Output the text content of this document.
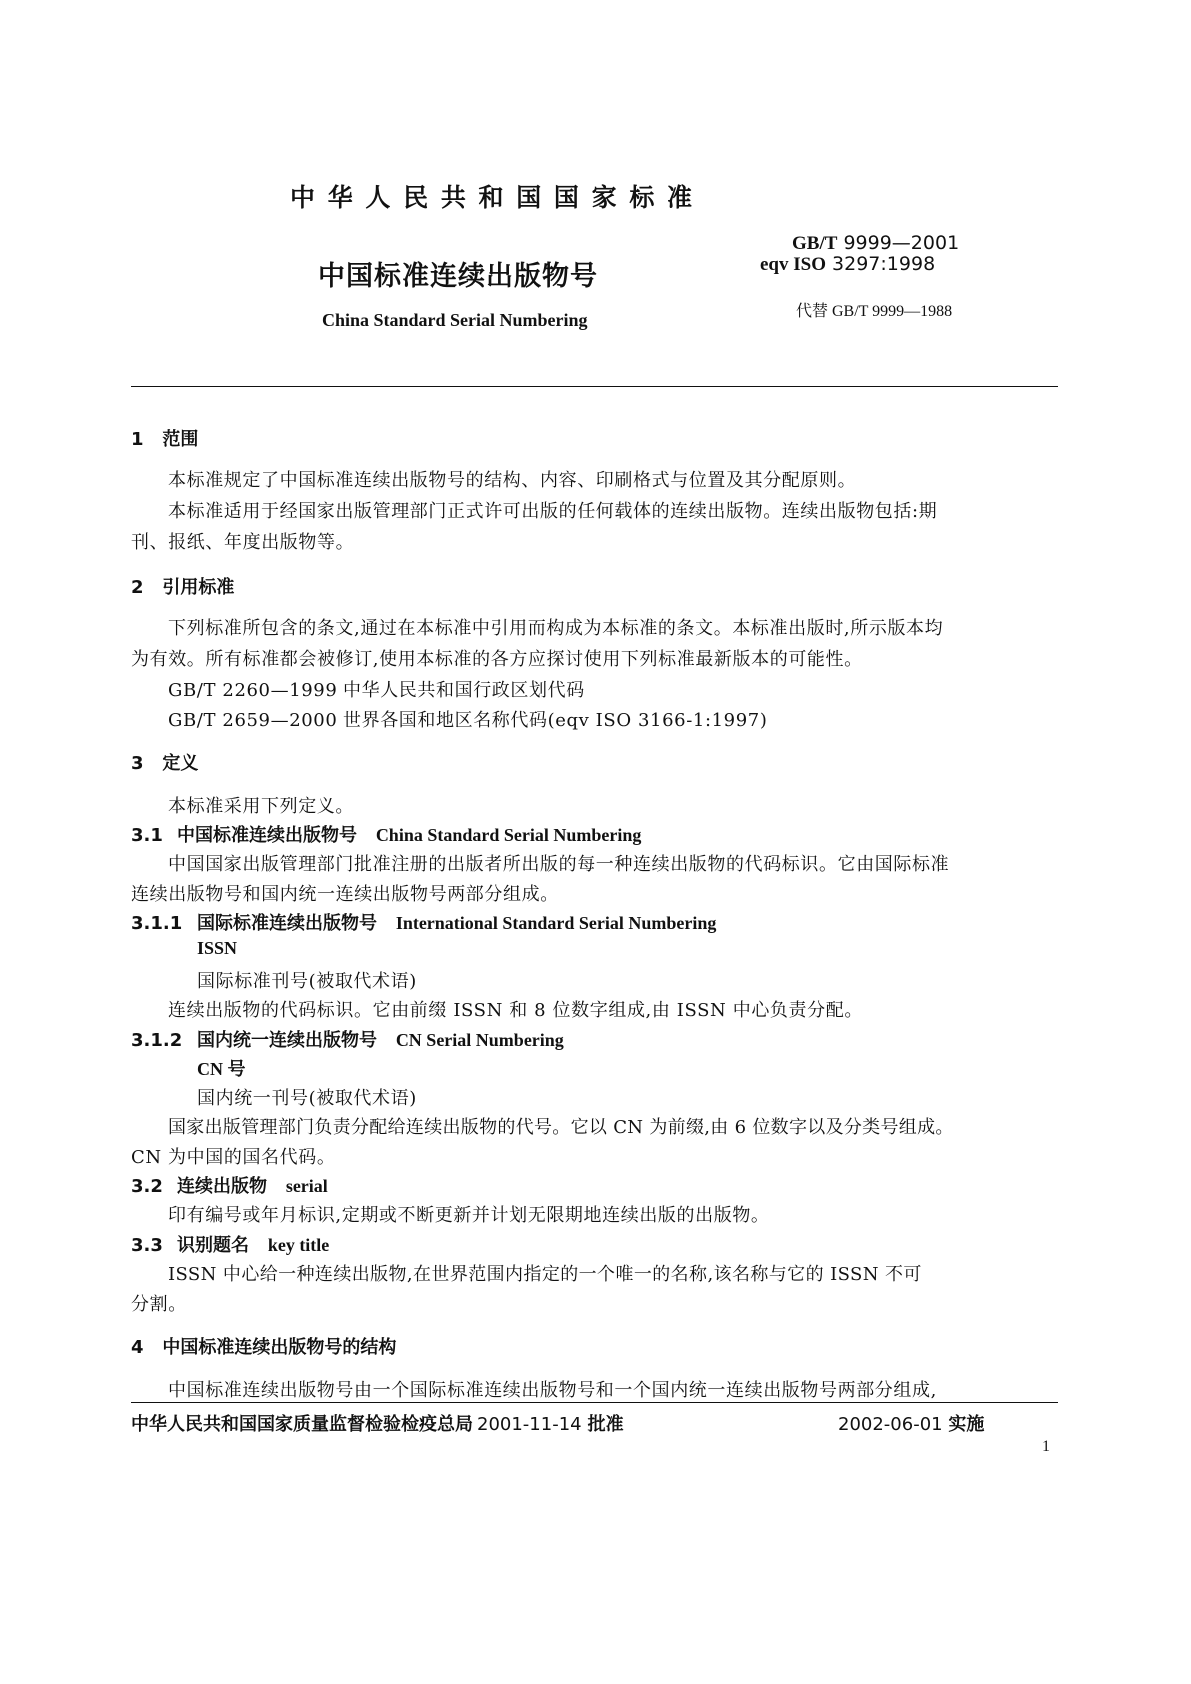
中 华 人 民 共 和 国 国 家 标 准
中国标准连续出版物号
China Standard Serial Numbering
GB/T 9999—2001
eqv ISO 3297:1998
代替 GB/T 9999—1988
1 范围
本标准规定了中国标准连续出版物号的结构、内容、印刷格式与位置及其分配原则。
本标准适用于经国家出版管理部门正式许可出版的任何载体的连续出版物。连续出版物包括:期
刊、报纸、年度出版物等。
2 引用标准
下列标准所包含的条文,通过在本标准中引用而构成为本标准的条文。本标准出版时,所示版本均
为有效。所有标准都会被修订,使用本标准的各方应探讨使用下列标准最新版本的可能性。
GB/T 2260—1999 中华人民共和国行政区划代码
GB/T 2659—2000 世界各国和地区名称代码(eqv ISO 3166-1:1997)
3 定义
本标准采用下列定义。
3.1 中国标准连续出版物号 China Standard Serial Numbering
中国国家出版管理部门批准注册的出版者所出版的每一种连续出版物的代码标识。它由国际标准
连续出版物号和国内统一连续出版物号两部分组成。
3.1.1 国际标准连续出版物号 International Standard Serial Numbering
ISSN
国际标准刊号(被取代术语)
连续出版物的代码标识。它由前缀 ISSN 和 8 位数字组成,由 ISSN 中心负责分配。
3.1.2 国内统一连续出版物号 CN Serial Numbering
CN 号
国内统一刊号(被取代术语)
国家出版管理部门负责分配给连续出版物的代号。它以 CN 为前缀,由 6 位数字以及分类号组成。
CN 为中国的国名代码。
3.2 连续出版物 serial
印有编号或年月标识,定期或不断更新并计划无限期地连续出版的出版物。
3.3 识别题名 key title
ISSN 中心给一种连续出版物,在世界范围内指定的一个唯一的名称,该名称与它的 ISSN 不可
分割。
4 中国标准连续出版物号的结构
中国标准连续出版物号由一个国际标准连续出版物号和一个国内统一连续出版物号两部分组成,
中华人民共和国国家质量监督检验检疫总局 2001-11-14 批准	2002-06-01 实施
1
